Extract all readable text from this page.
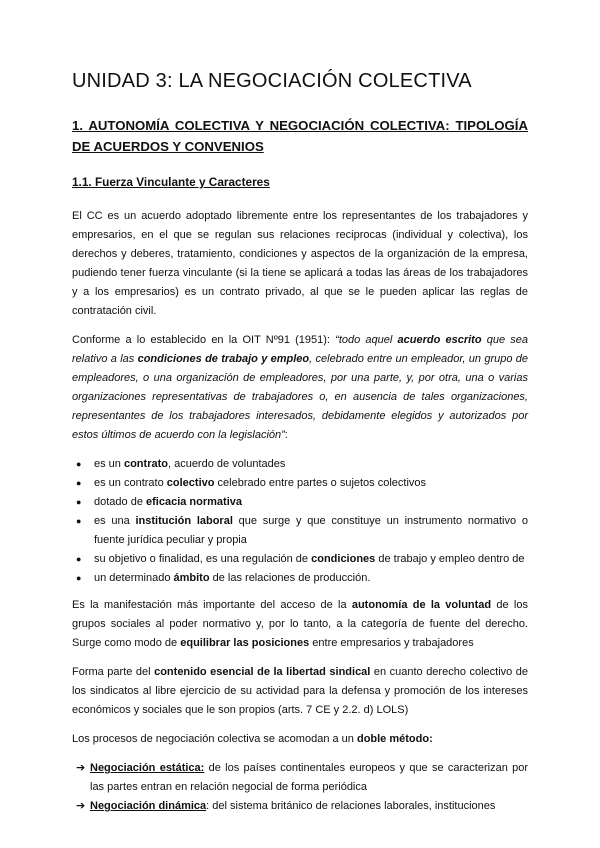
UNIDAD 3: LA NEGOCIACIÓN COLECTIVA
1. AUTONOMÍA COLECTIVA Y NEGOCIACIÓN COLECTIVA: TIPOLOGÍA DE ACUERDOS Y CONVENIOS
1.1. Fuerza Vinculante y Caracteres

El CC es un acuerdo adoptado libremente entre los representantes de los trabajadores y empresarios, en el que se regulan sus relaciones reciprocas (individual y colectiva), los derechos y deberes, tratamiento, condiciones y aspectos de la organización de la empresa, pudiendo tener fuerza vinculante (si la tiene se aplicará a todas las áreas de los trabajadores y a los empresarios) es un contrato privado, al que se le pueden aplicar las reglas de contratación civil.

Conforme a lo establecido en la OIT Nº91 (1951): “todo aquel acuerdo escrito que sea relativo a las condiciones de trabajo y empleo, celebrado entre un empleador, un grupo de empleadores, o una organización de empleadores, por una parte, y, por otra, una o varias organizaciones representativas de trabajadores o, en ausencia de tales organizaciones, representantes de los trabajadores interesados, debidamente elegidos y autorizados por estos últimos de acuerdo con la legislación”:

● es un contrato, acuerdo de voluntades
● es un contrato colectivo celebrado entre partes o sujetos colectivos
● dotado de eficacia normativa
● es una institución laboral que surge y que constituye un instrumento normativo o fuente jurídica peculiar y propia
● su objetivo o finalidad, es una regulación de condiciones de trabajo y empleo dentro de
● un determinado ámbito de las relaciones de producción.

Es la manifestación más importante del acceso de la autonomía de la voluntad de los grupos sociales al poder normativo y, por lo tanto, a la categoría de fuente del derecho. Surge como modo de equilibrar las posiciones entre empresarios y trabajadores

Forma parte del contenido esencial de la libertad sindical en cuanto derecho colectivo de los sindicatos al libre ejercicio de su actividad para la defensa y promoción de los intereses económicos y sociales que le son propios (arts. 7 CE y 2.2. d) LOLS)

Los procesos de negociación colectiva se acomodan a un doble método:

➔ Negociación estática: de los países continentales europeos y que se caracterizan por las partes entran en relación negocial de forma periódica
➔ Negociación dinámica: del sistema británico de relaciones laborales, instituciones
